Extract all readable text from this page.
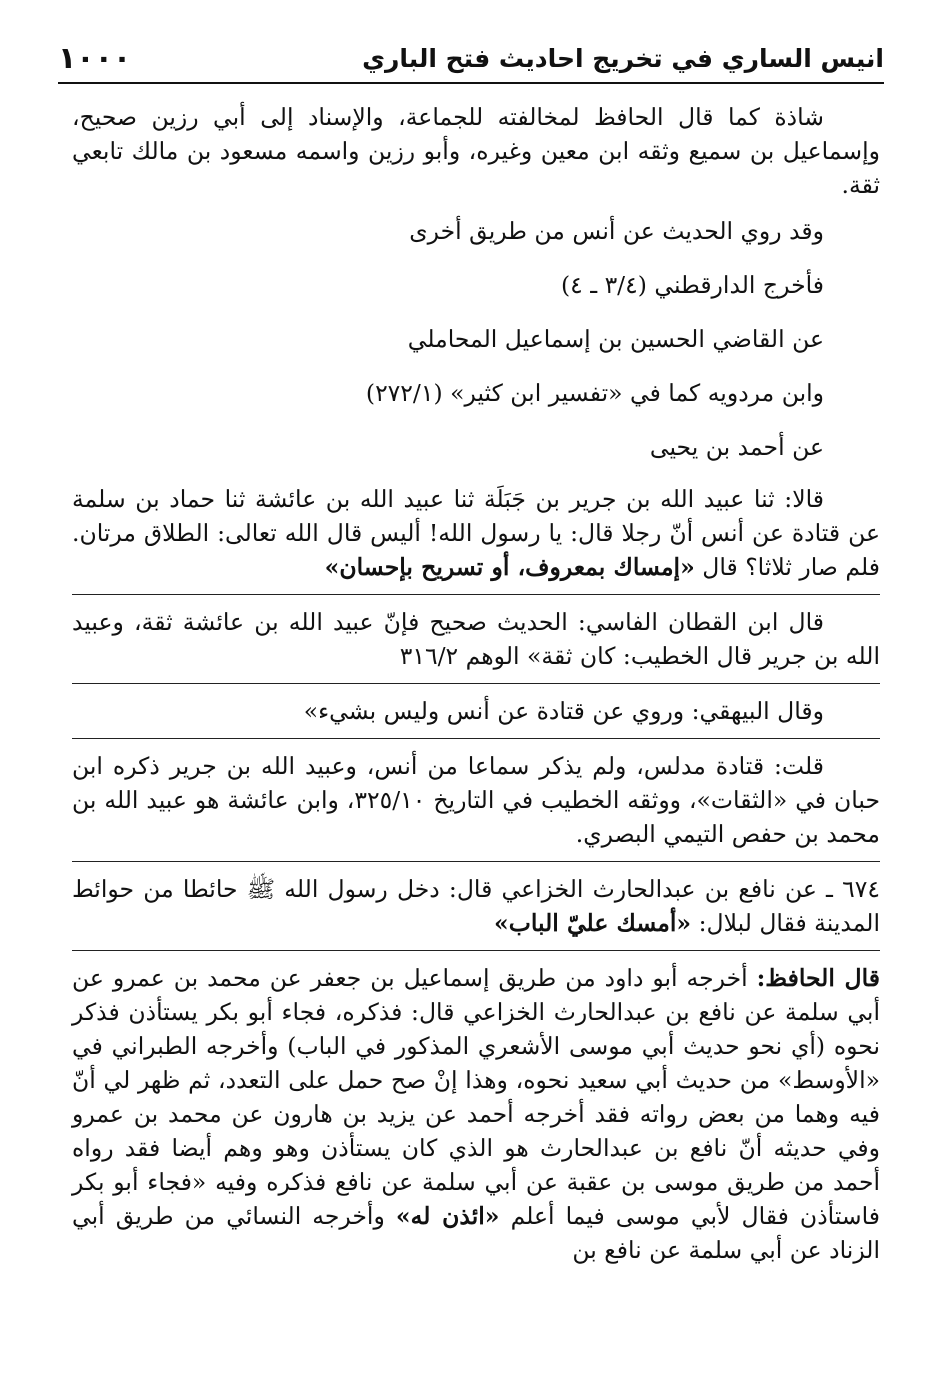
١٠٠٠	انيس الساري في تخريج احاديث فتح الباري

شاذة كما قال الحافظ لمخالفته للجماعة، والإسناد إلى أبي رزين صحيح، وإسماعيل بن سميع وثقه ابن معين وغيره، وأبو رزين واسمه مسعود بن مالك تابعي ثقة.

وقد روي الحديث عن أنس من طريق أخرى

فأخرج الدارقطني (٣/٤ ـ ٤)

عن القاضي الحسين بن إسماعيل المحاملي

وابن مردويه كما في «تفسير ابن كثير» (٢٧٢/١)

عن أحمد بن يحيى

قالا: ثنا عبيد الله بن جرير بن جَبَلَة ثنا عبيد الله بن عائشة ثنا حماد بن سلمة عن قتادة عن أنس أنّ رجلا قال: يا رسول الله! أليس قال الله تعالى: الطلاق مرتان. فلم صار ثلاثا؟ قال «إمساك بمعروف، أو تسريح بإحسان»

قال ابن القطان الفاسي: الحديث صحيح فإنّ عبيد الله بن عائشة ثقة، وعبيد الله بن جرير قال الخطيب: كان ثقة» الوهم ٣١٦/٢

وقال البيهقي: وروي عن قتادة عن أنس وليس بشيء»

قلت: قتادة مدلس، ولم يذكر سماعا من أنس، وعبيد الله بن جرير ذكره ابن حبان في «الثقات»، ووثقه الخطيب في التاريخ ٣٢٥/١٠، وابن عائشة هو عبيد الله بن محمد بن حفص التيمي البصري.

٦٧٤ ـ عن نافع بن عبدالحارث الخزاعي قال: دخل رسول الله ﷺ حائطا من حوائط المدينة فقال لبلال: «أمسك عليّ الباب»

قال الحافظ: أخرجه أبو داود من طريق إسماعيل بن جعفر عن محمد بن عمرو عن أبي سلمة عن نافع بن عبدالحارث الخزاعي قال: فذكره، فجاء أبو بكر يستأذن فذكر نحوه (أي نحو حديث أبي موسى الأشعري المذكور في الباب) وأخرجه الطبراني في «الأوسط» من حديث أبي سعيد نحوه، وهذا إنْ صح حمل على التعدد، ثم ظهر لي أنّ فيه وهما من بعض رواته فقد أخرجه أحمد عن يزيد بن هارون عن محمد بن عمرو وفي حديثه أنّ نافع بن عبدالحارث هو الذي كان يستأذن وهو وهم أيضا فقد رواه أحمد من طريق موسى بن عقبة عن أبي سلمة عن نافع فذكره وفيه «فجاء أبو بكر فاستأذن فقال لأبي موسى فيما أعلم «ائذن له» وأخرجه النسائي من طريق أبي الزناد عن أبي سلمة عن نافع بن
